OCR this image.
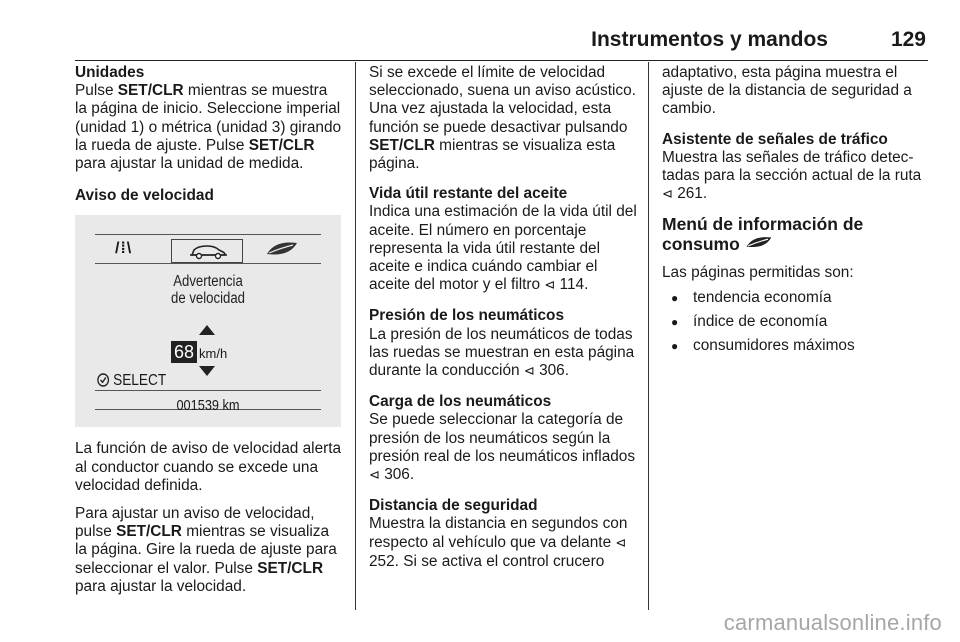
Instrumentos y mandos	129
Unidades

Pulse SET/CLR mientras se muestra la página de inicio. Seleccione imperial (unidad 1) o métrica (unidad 3) girando la rueda de ajuste. Pulse SET/CLR para ajustar la unidad de medida.

Aviso de velocidad
/⁞\
Advertencia
de velocidad
68 km/h
SELECT
001539 km

La función de aviso de velocidad alerta al conductor cuando se excede una velocidad definida.

Para ajustar un aviso de velocidad, pulse SET/CLR mientras se visualiza la página. Gire la rueda de ajuste para seleccionar el valor. Pulse SET/CLR para ajustar la velocidad.

Si se excede el límite de velocidad seleccionado, suena un aviso acústico. Una vez ajustada la velocidad, esta función se puede desactivar pulsando SET/CLR mientras se visualiza esta página.

Vida útil restante del aceite

Indica una estimación de la vida útil del aceite. El número en porcentaje representa la vida útil restante del aceite e indica cuándo cambiar el aceite del motor y el filtro ⊲ 114.

Presión de los neumáticos

La presión de los neumáticos de todas las ruedas se muestran en esta página durante la conducción ⊲ 306.

Carga de los neumáticos

Se puede seleccionar la categoría de presión de los neumáticos según la presión real de los neumáticos inflados ⊲ 306.

Distancia de seguridad

Muestra la distancia en segundos con respecto al vehículo que va delante ⊲ 252. Si se activa el control crucero

adaptativo, esta página muestra el ajuste de la distancia de seguridad a cambio.

Asistente de señales de tráfico

Muestra las señales de tráfico detectadas para la sección actual de la ruta ⊲ 261.

Menú de información de
consumo

Las páginas permitidas son:

● tendencia economía
● índice de economía
● consumidores máximos
carmanualsonline.info
